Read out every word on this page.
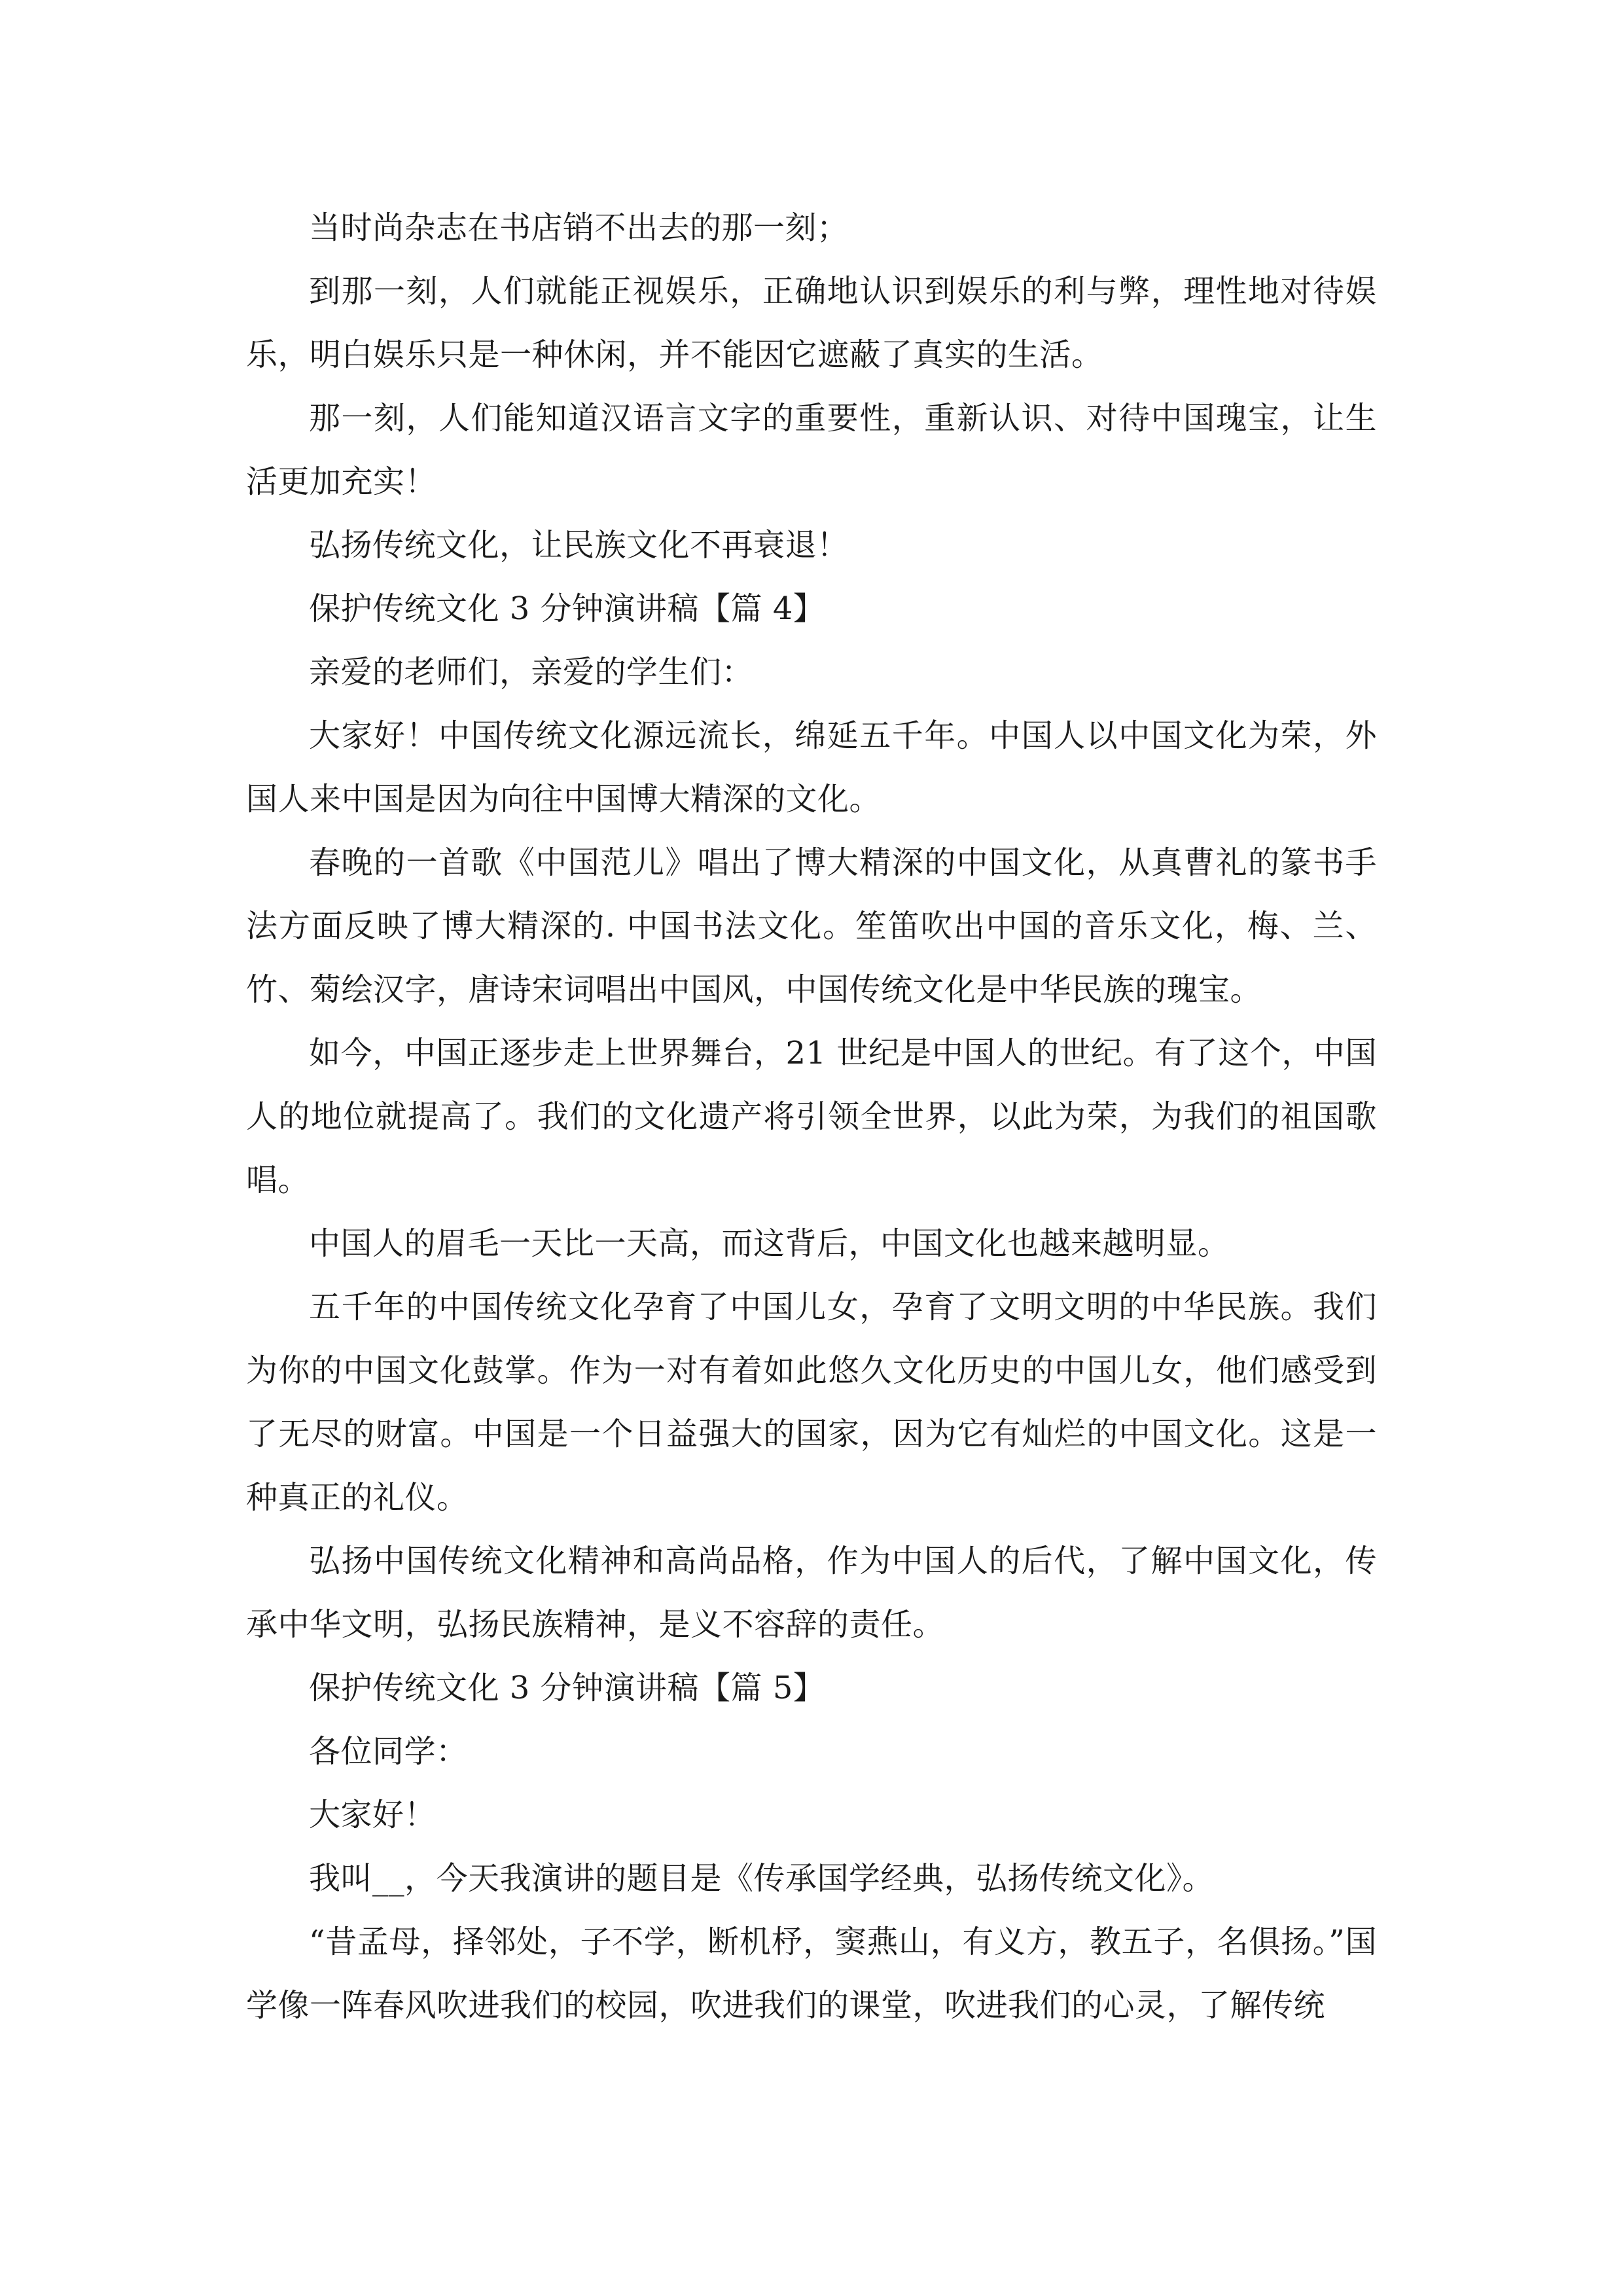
当时尚杂志在书店销不出去的那一刻；

到那一刻，人们就能正视娱乐，正确地认识到娱乐的利与弊，理性地对待娱乐，明白娱乐只是一种休闲，并不能因它遮蔽了真实的生活。

那一刻，人们能知道汉语言文字的重要性，重新认识、对待中国瑰宝，让生活更加充实！

弘扬传统文化，让民族文化不再衰退！

保护传统文化 3 分钟演讲稿【篇 4】

亲爱的老师们，亲爱的学生们：

大家好！中国传统文化源远流长，绵延五千年。中国人以中国文化为荣，外国人来中国是因为向往中国博大精深的文化。

春晚的一首歌《中国范儿》唱出了博大精深的中国文化，从真曹礼的篆书手法方面反映了博大精深的. 中国书法文化。笙笛吹出中国的音乐文化，梅、兰、竹、菊绘汉字，唐诗宋词唱出中国风，中国传统文化是中华民族的瑰宝。

如今，中国正逐步走上世界舞台，21 世纪是中国人的世纪。有了这个，中国人的地位就提高了。我们的文化遗产将引领全世界，以此为荣，为我们的祖国歌唱。

中国人的眉毛一天比一天高，而这背后，中国文化也越来越明显。

五千年的中国传统文化孕育了中国儿女，孕育了文明文明的中华民族。我们为你的中国文化鼓掌。作为一对有着如此悠久文化历史的中国儿女，他们感受到了无尽的财富。中国是一个日益强大的国家，因为它有灿烂的中国文化。这是一种真正的礼仪。

弘扬中国传统文化精神和高尚品格，作为中国人的后代，了解中国文化，传承中华文明，弘扬民族精神，是义不容辞的责任。

保护传统文化 3 分钟演讲稿【篇 5】

各位同学：

大家好！

我叫__，今天我演讲的题目是《传承国学经典，弘扬传统文化》。

“昔孟母，择邻处，子不学，断机杼，窦燕山，有义方，教五子，名俱扬。”国学像一阵春风吹进我们的校园，吹进我们的课堂，吹进我们的心灵，了解传统
